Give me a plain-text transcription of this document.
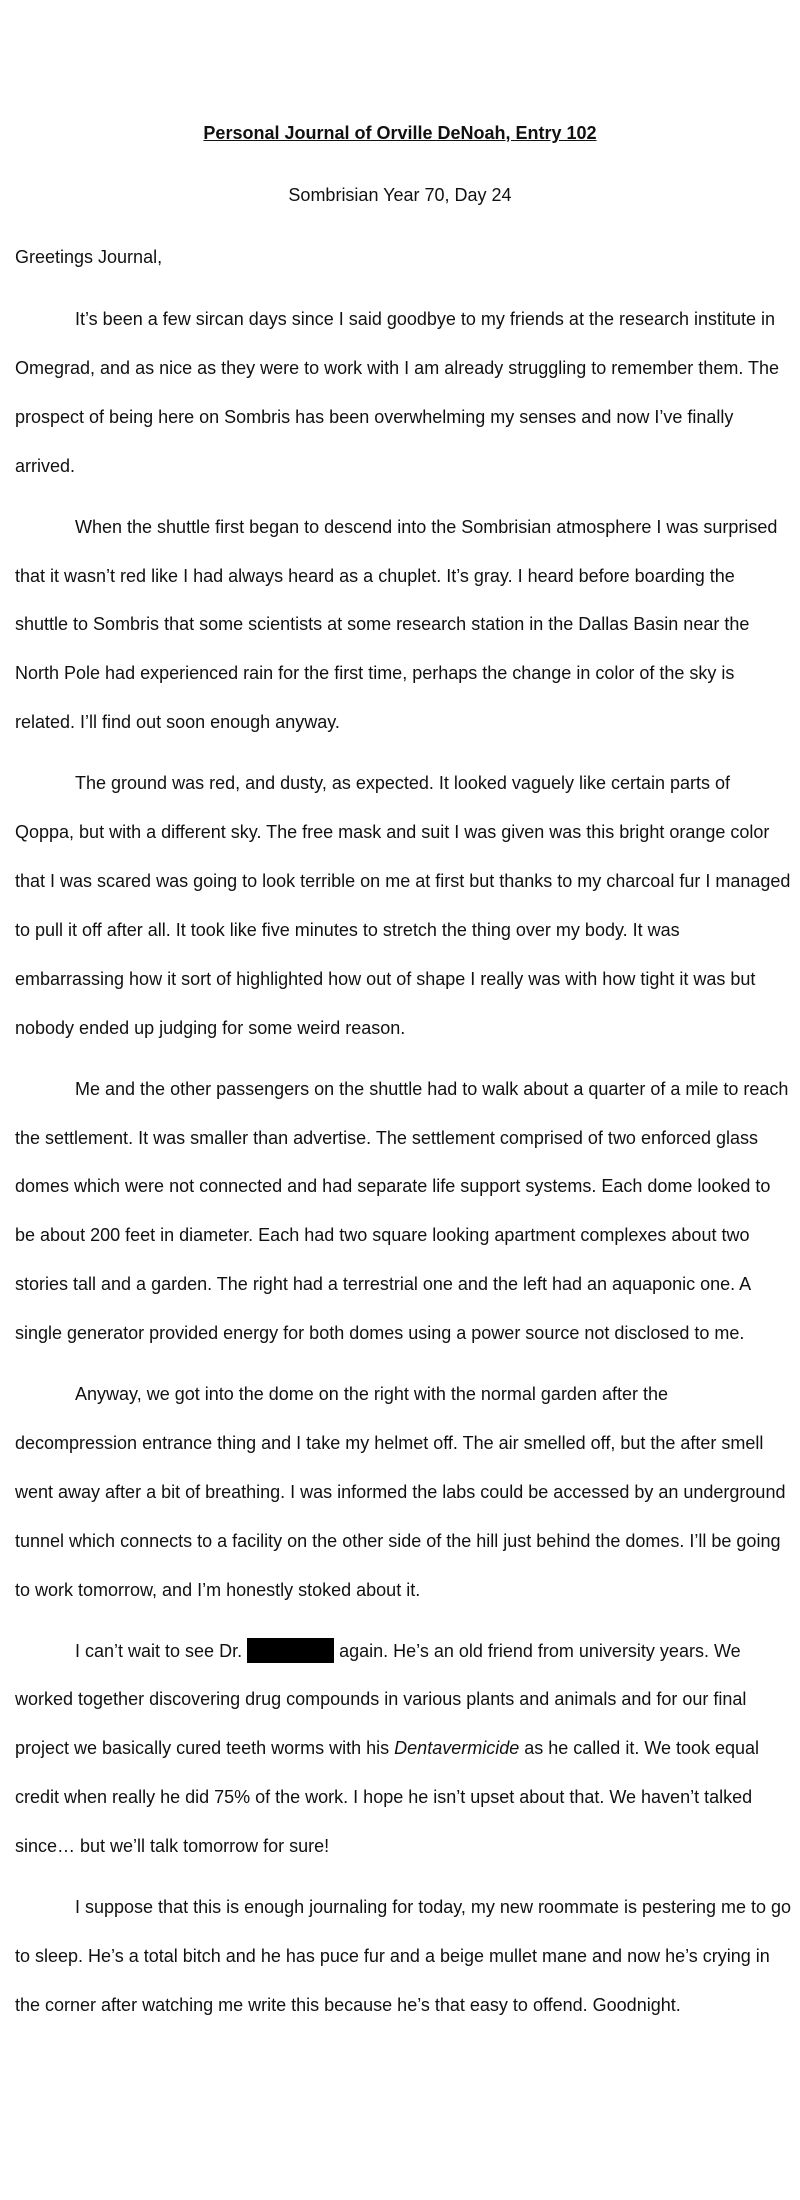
Personal Journal of Orville DeNoah, Entry 102
Sombrisian Year 70, Day 24
Greetings Journal,

It’s been a few sircan days since I said goodbye to my friends at the research institute in Omegrad, and as nice as they were to work with I am already struggling to remember them. The prospect of being here on Sombris has been overwhelming my senses and now I’ve finally arrived.

When the shuttle first began to descend into the Sombrisian atmosphere I was surprised that it wasn’t red like I had always heard as a chuplet. It’s gray. I heard before boarding the shuttle to Sombris that some scientists at some research station in the Dallas Basin near the North Pole had experienced rain for the first time, perhaps the change in color of the sky is related. I’ll find out soon enough anyway.

The ground was red, and dusty, as expected. It looked vaguely like certain parts of Qoppa, but with a different sky. The free mask and suit I was given was this bright orange color that I was scared was going to look terrible on me at first but thanks to my charcoal fur I managed to pull it off after all. It took like five minutes to stretch the thing over my body. It was embarrassing how it sort of highlighted how out of shape I really was with how tight it was but nobody ended up judging for some weird reason.

Me and the other passengers on the shuttle had to walk about a quarter of a mile to reach the settlement. It was smaller than advertise. The settlement comprised of two enforced glass domes which were not connected and had separate life support systems. Each dome looked to be about 200 feet in diameter. Each had two square looking apartment complexes about two stories tall and a garden. The right had a terrestrial one and the left had an aquaponic one. A single generator provided energy for both domes using a power source not disclosed to me.

Anyway, we got into the dome on the right with the normal garden after the decompression entrance thing and I take my helmet off. The air smelled off, but the after smell went away after a bit of breathing. I was informed the labs could be accessed by an underground tunnel which connects to a facility on the other side of the hill just behind the domes. I’ll be going to work tomorrow, and I’m honestly stoked about it.

I can’t wait to see Dr.	again. He’s an old friend from university years. We worked together discovering drug compounds in various plants and animals and for our final project we basically cured teeth worms with his Dentavermicide as he called it. We took equal credit when really he did 75% of the work. I hope he isn’t upset about that. We haven’t talked since… but we’ll talk tomorrow for sure!

I suppose that this is enough journaling for today, my new roommate is pestering me to go to sleep. He’s a total bitch and he has puce fur and a beige mullet mane and now he’s crying in the corner after watching me write this because he’s that easy to offend. Goodnight.
